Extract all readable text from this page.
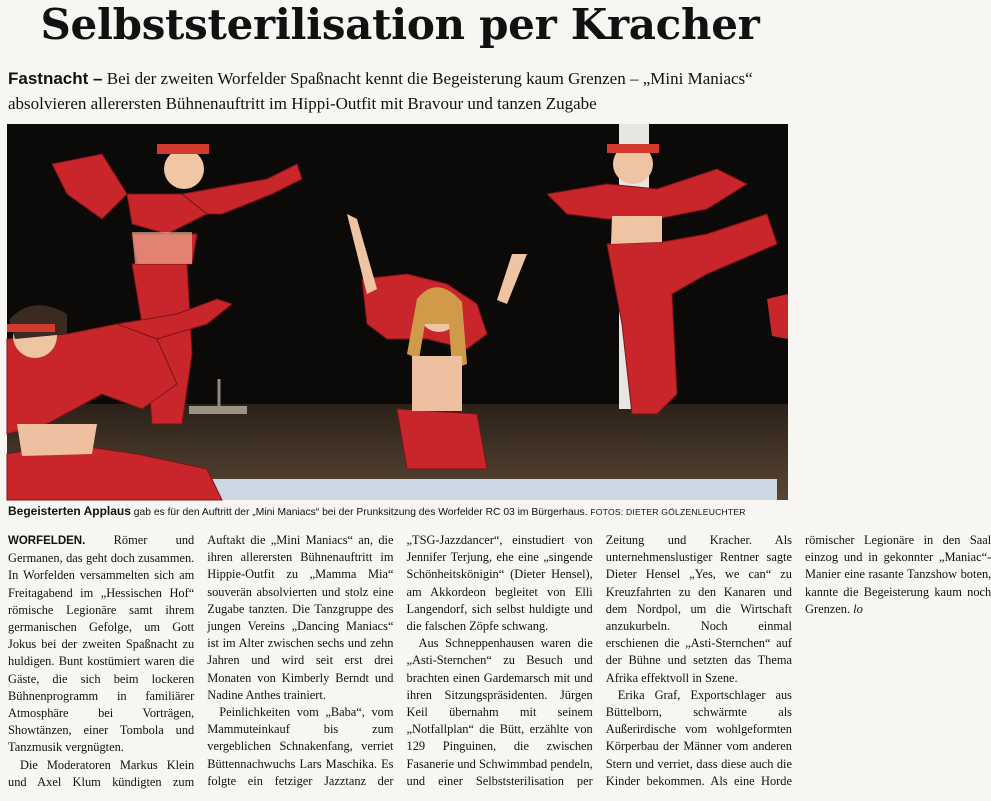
Selbststerilisation per Kracher

Fastnacht – Bei der zweiten Worfelder Spaßnacht kennt die Begeisterung kaum Grenzen – „Mini Maniacs“ absolvieren allerersten Bühnenauftritt im Hippi-Outfit mit Bravour und tanzen Zugabe

Begeisterten Applaus gab es für den Auftritt der „Mini Maniacs“ bei der Prunksitzung des Worfelder RC 03 im Bürgerhaus. FOTOS: DIETER GÖLZENLEUCHTER

WORFELDEN. Römer und Germanen, das geht doch zusammen. In Worfelden versammelten sich am Freitagabend im „Hessischen Hof“ römische Legionäre samt ihrem germanischen Gefolge, um Gott Jokus bei der zweiten Spaßnacht zu huldigen. Bunt kostümiert waren die Gäste, die sich beim lockeren Bühnenprogramm in familiärer Atmosphäre bei Vorträgen, Showtänzen, einer Tombola und Tanzmusik vergnügten.

Die Moderatoren Markus Klein und Axel Klum kündigten zum Auftakt die „Mini Maniacs“ an, die ihren allerersten Bühnenauftritt im Hippie-Outfit zu „Mamma Mia“ souverän absolvierten und stolz eine Zugabe tanzten. Die Tanzgruppe des jungen Vereins „Dancing Maniacs“ ist im Alter zwischen sechs und zehn Jahren und wird seit erst drei Monaten von Kimberly Berndt und Nadine Anthes trainiert.

Peinlichkeiten vom „Baba“, vom Mammuteinkauf bis zum vergeblichen Schnakenfang, verriet Büttennachwuchs Lars Maschika. Es folgte ein fetziger Jazztanz der „TSG-Jazzdancer“, einstudiert von Jennifer Terjung, ehe eine „singende Schönheitskönigin“ (Dieter Hensel), am Akkordeon begleitet von Elli Langendorf, sich selbst huldigte und die falschen Zöpfe schwang.

Aus Schneppenhausen waren die „Asti-Sternchen“ zu Besuch und brachten einen Gardemarsch mit und ihren Sitzungspräsidenten. Jürgen Keil übernahm mit seinem „Notfallplan“ die Bütt, erzählte von 129 Pinguinen, die zwischen Fasanerie und Schwimmbad pendeln, und einer Selbststerilisation per Zeitung und Kracher. Als unternehmenslustiger Rentner sagte Dieter Hensel „Yes, we can“ zu Kreuzfahrten zu den Kanaren und dem Nordpol, um die Wirtschaft anzukurbeln. Noch einmal erschienen die „Asti-Sternchen“ auf der Bühne und setzten das Thema Afrika effektvoll in Szene.

Erika Graf, Exportschlager aus Büttelborn, schwärmte als Außerirdische vom wohlgeformten Körperbau der Männer vom anderen Stern und verriet, dass diese auch die Kinder bekommen. Als eine Horde römischer Legionäre in den Saal einzog und in gekonnter „Maniac“-Manier eine rasante Tanzshow boten, kannte die Begeisterung kaum noch Grenzen. lo
